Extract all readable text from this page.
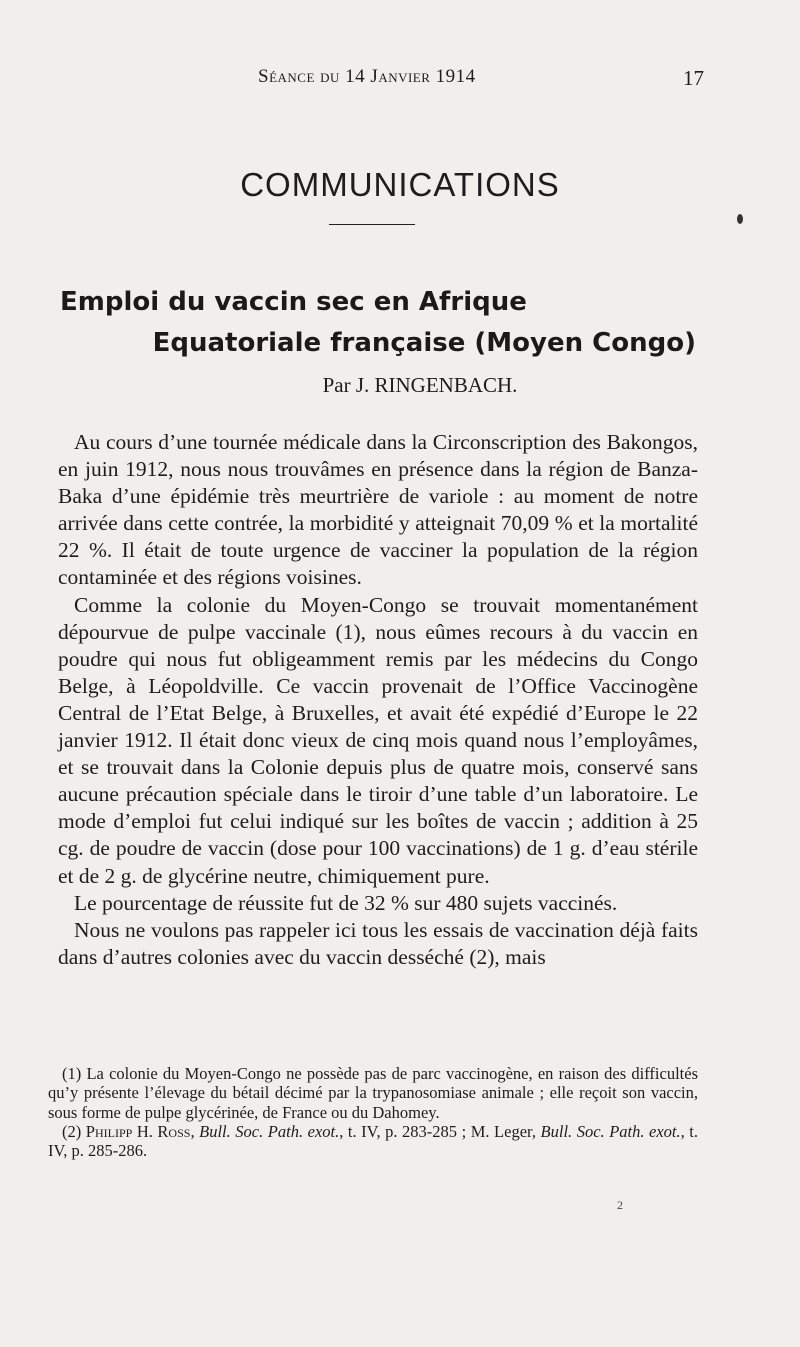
Séance du 14 Janvier 1914	17
COMMUNICATIONS
Emploi du vaccin sec en Afrique
Equatoriale française (Moyen Congo)
Par J. RINGENBACH.

Au cours d’une tournée médicale dans la Circonscription des Bakongos, en juin 1912, nous nous trouvâmes en présence dans la région de Banza-Baka d’une épidémie très meurtrière de variole : au moment de notre arrivée dans cette contrée, la morbidité y atteignait 70,09 % et la mortalité 22 %. Il était de toute urgence de vacciner la population de la région contaminée et des régions voisines.

Comme la colonie du Moyen-Congo se trouvait momentanément dépourvue de pulpe vaccinale (1), nous eûmes recours à du vaccin en poudre qui nous fut obligeamment remis par les médecins du Congo Belge, à Léopoldville. Ce vaccin provenait de l’Office Vaccinogène Central de l’Etat Belge, à Bruxelles, et avait été expédié d’Europe le 22 janvier 1912. Il était donc vieux de cinq mois quand nous l’employâmes, et se trouvait dans la Colonie depuis plus de quatre mois, conservé sans aucune précaution spéciale dans le tiroir d’une table d’un laboratoire. Le mode d’emploi fut celui indiqué sur les boîtes de vaccin ; addition à 25 cg. de poudre de vaccin (dose pour 100 vaccinations) de 1 g. d’eau stérile et de 2 g. de glycérine neutre, chimiquement pure.

Le pourcentage de réussite fut de 32 % sur 480 sujets vaccinés.

Nous ne voulons pas rappeler ici tous les essais de vaccination déjà faits dans d’autres colonies avec du vaccin desséché (2), mais

(1) La colonie du Moyen-Congo ne possède pas de parc vaccinogène, en raison des difficultés qu’y présente l’élevage du bétail décimé par la trypanosomiase animale ; elle reçoit son vaccin, sous forme de pulpe glycérinée, de France ou du Dahomey.

(2) Philipp H. Ross, Bull. Soc. Path. exot., t. IV, p. 283-285 ; M. Leger, Bull. Soc. Path. exot., t. IV, p. 285-286.

2
